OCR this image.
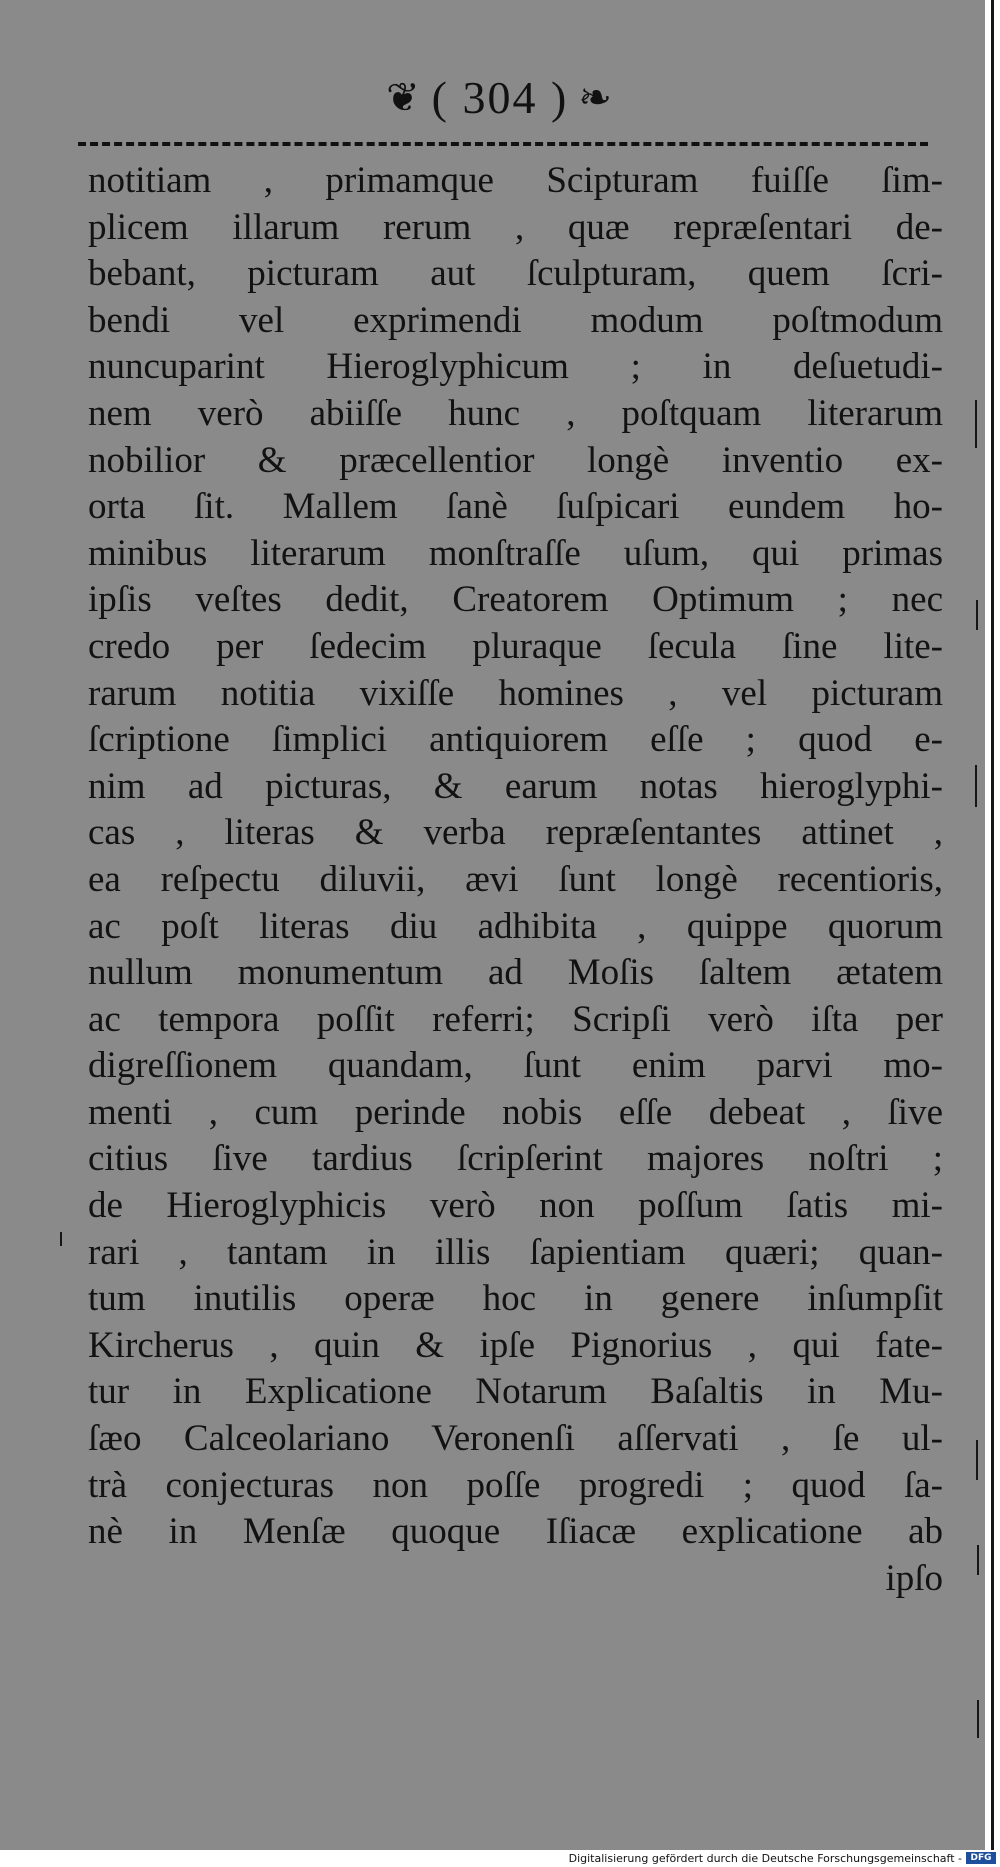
❦ ( 304 ) ❧
notitiam , primamque Scipturam fuiſſe ſim-
plicem illarum rerum , quæ repræſentari de-
bebant, picturam aut ſculpturam, quem ſcri-
bendi vel exprimendi modum poſtmodum
nuncuparint Hieroglyphicum ; in deſuetudi-
nem verò abiiſſe hunc , poſtquam literarum
nobilior & præcellentior longè inventio ex-
orta ſit. Mallem ſanè ſuſpicari eundem ho-
minibus literarum monſtraſſe uſum, qui primas
ipſis veſtes dedit, Creatorem Optimum ; nec
credo per ſedecim pluraque ſecula ſine lite-
rarum notitia vixiſſe homines , vel picturam
ſcriptione ſimplici antiquiorem eſſe ; quod e-
nim ad picturas, & earum notas hieroglyphi-
cas , literas & verba repræſentantes attinet ,
ea reſpectu diluvii, ævi ſunt longè recentioris,
ac poſt literas diu adhibita , quippe quorum
nullum monumentum ad Moſis ſaltem ætatem
ac tempora poſſit referri; Scripſi verò iſta per
digreſſionem quandam, ſunt enim parvi mo-
menti , cum perinde nobis eſſe debeat , ſive
citius ſive tardius ſcripſerint majores noſtri ;
de Hieroglyphicis verò non poſſum ſatis mi-
rari , tantam in illis ſapientiam quæri; quan-
tum inutilis operæ hoc in genere inſumpſit
Kircherus , quin & ipſe Pignorius , qui fate-
tur in Explicatione Notarum Baſaltis in Mu-
ſæo Calceolariano Veronenſi aſſervati , ſe ul-
trà conjecturas non poſſe progredi ; quod ſa-
nè in Menſæ quoque Iſiacæ explicatione ab
ipſo
Digitalisierung gefördert durch die Deutsche Forschungsgemeinschaft - DFG
